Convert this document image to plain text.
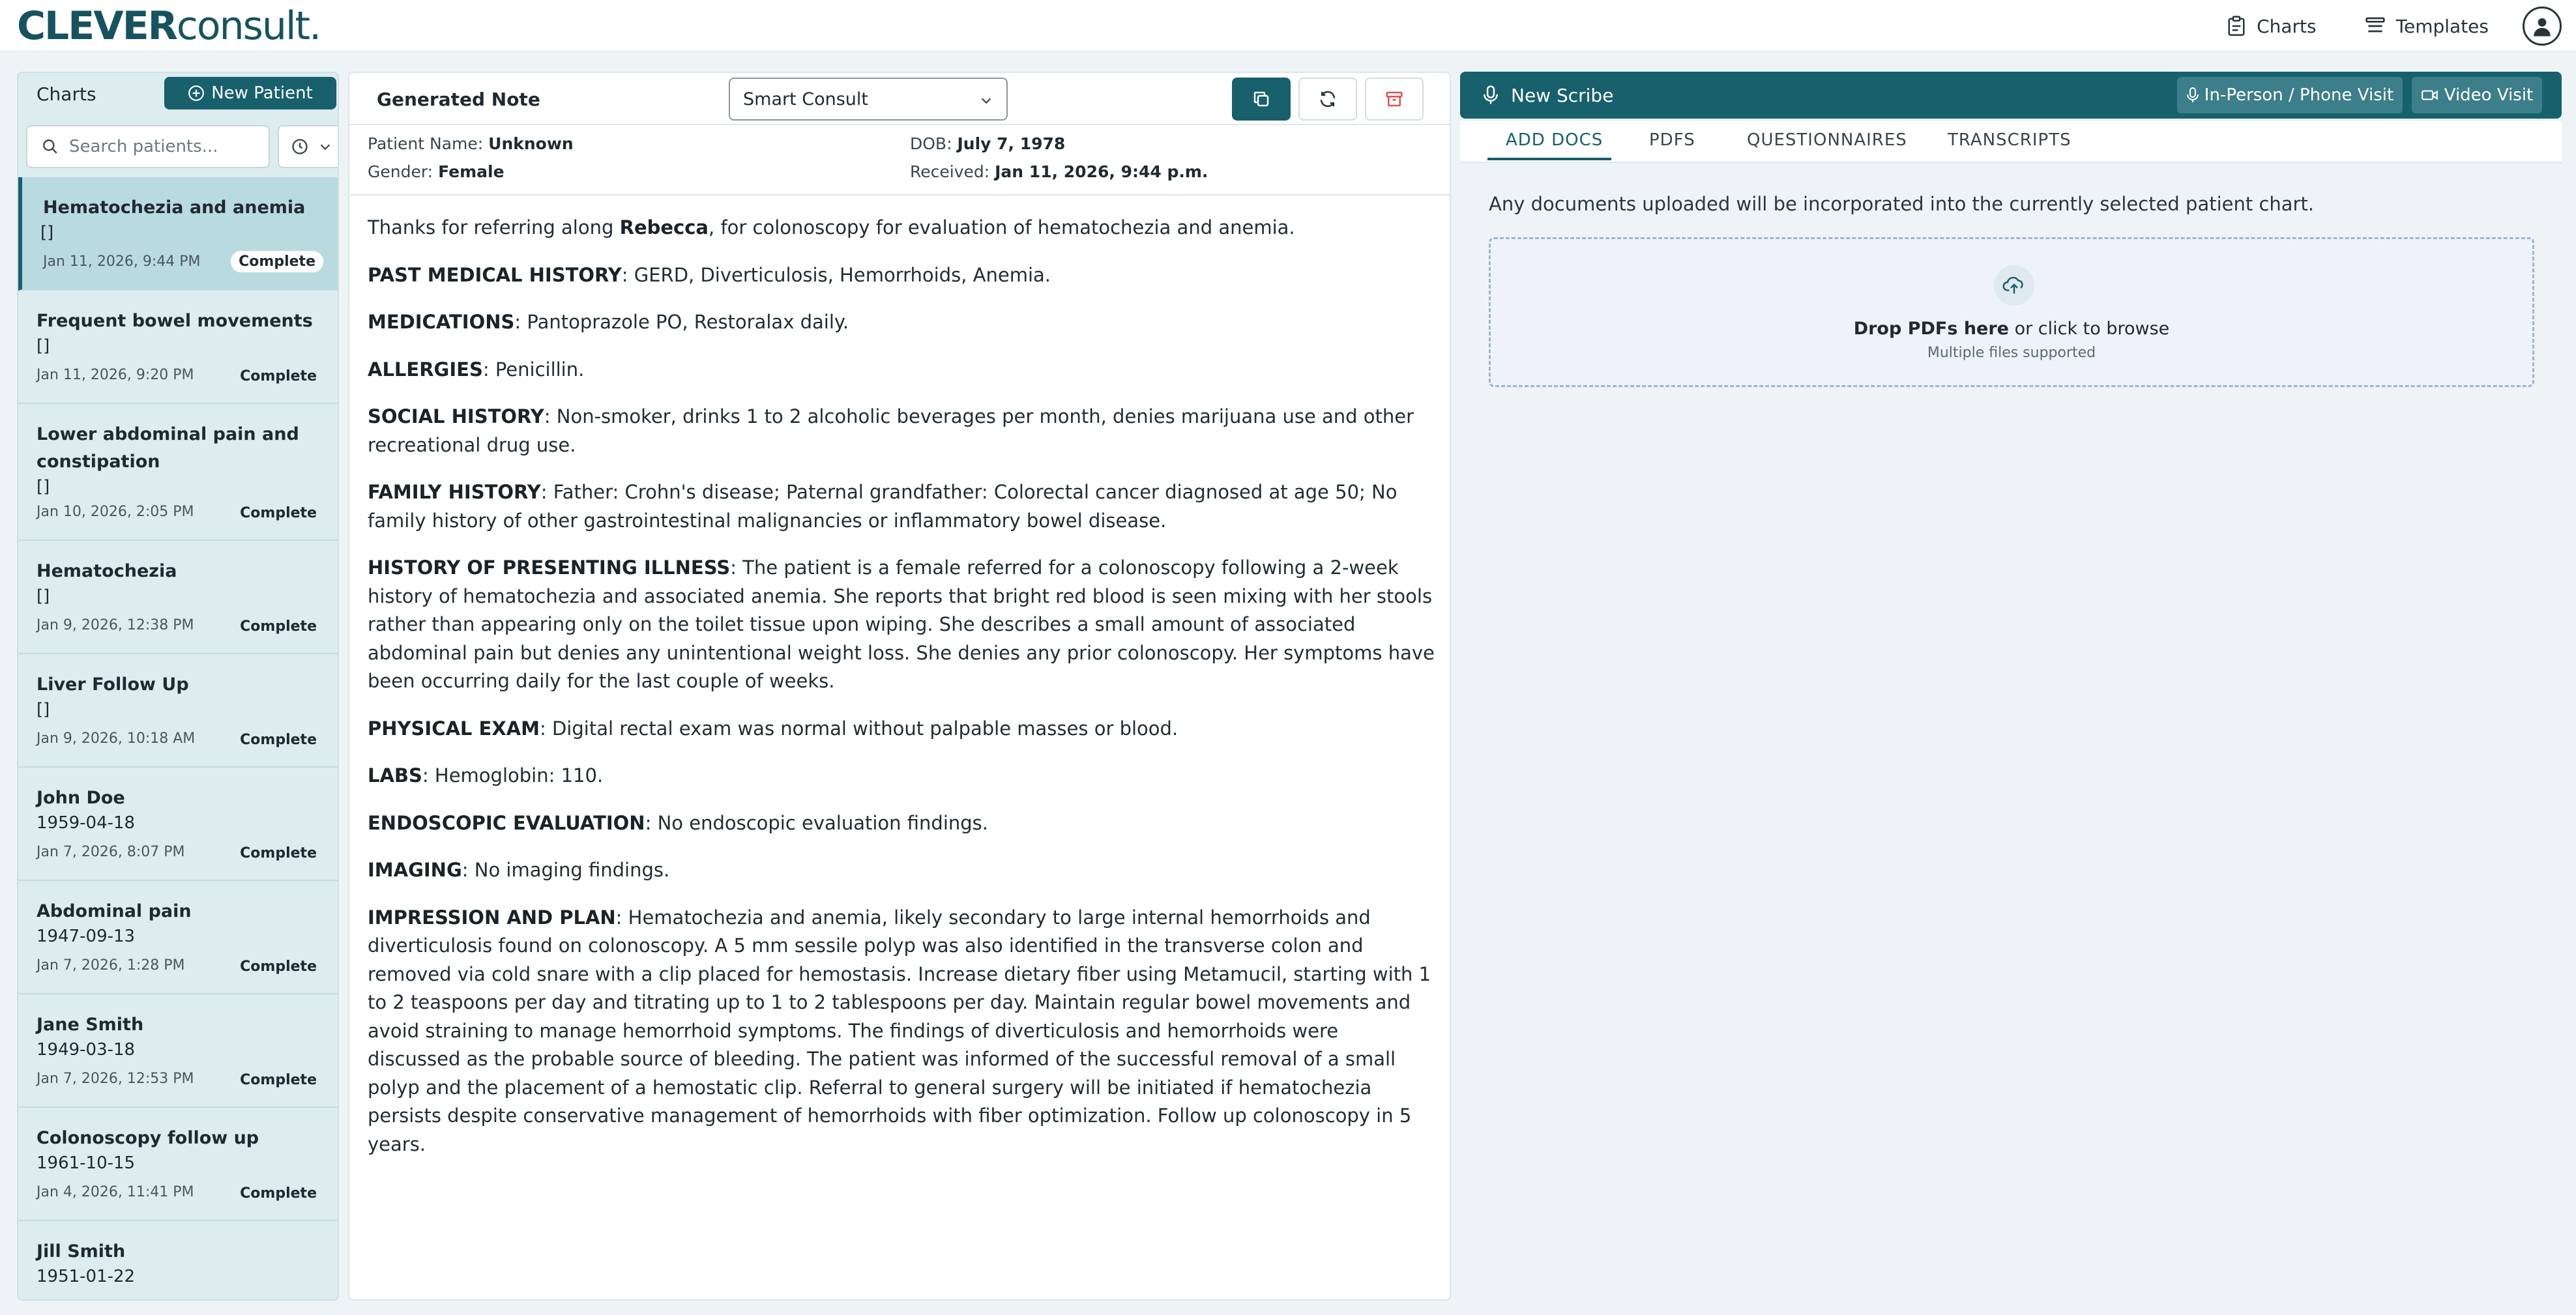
CLEVER consult.	Charts	Templates
Charts	New Patient
Search patients...
Hematochezia and anemia
[]
Jan 11, 2026, 9:44 PM	Complete
Frequent bowel movements
[]
Jan 11, 2026, 9:20 PM	Complete
Lower abdominal pain and constipation
[]
Jan 10, 2026, 2:05 PM	Complete
Hematochezia
[]
Jan 9, 2026, 12:38 PM	Complete
Liver Follow Up
[]
Jan 9, 2026, 10:18 AM	Complete
John Doe
1959-04-18
Jan 7, 2026, 8:07 PM	Complete
Abdominal pain
1947-09-13
Jan 7, 2026, 1:28 PM	Complete
Jane Smith
1949-03-18
Jan 7, 2026, 12:53 PM	Complete
Colonoscopy follow up
1961-10-15
Jan 4, 2026, 11:41 PM	Complete
Jill Smith
1951-01-22
Generated Note	Smart Consult
Patient Name: Unknown
Gender: Female
DOB: July 7, 1978
Received: Jan 11, 2026, 9:44 p.m.

Thanks for referring along Rebecca, for colonoscopy for evaluation of hematochezia and anemia.

PAST MEDICAL HISTORY: GERD, Diverticulosis, Hemorrhoids, Anemia.

MEDICATIONS: Pantoprazole PO, Restoralax daily.

ALLERGIES: Penicillin.

SOCIAL HISTORY: Non-smoker, drinks 1 to 2 alcoholic beverages per month, denies marijuana use and other recreational drug use.

FAMILY HISTORY: Father: Crohn's disease; Paternal grandfather: Colorectal cancer diagnosed at age 50; No family history of other gastrointestinal malignancies or inflammatory bowel disease.

HISTORY OF PRESENTING ILLNESS: The patient is a female referred for a colonoscopy following a 2-week history of hematochezia and associated anemia. She reports that bright red blood is seen mixing with her stools rather than appearing only on the toilet tissue upon wiping. She describes a small amount of associated abdominal pain but denies any unintentional weight loss. She denies any prior colonoscopy. Her symptoms have been occurring daily for the last couple of weeks.

PHYSICAL EXAM: Digital rectal exam was normal without palpable masses or blood.

LABS: Hemoglobin: 110.

ENDOSCOPIC EVALUATION: No endoscopic evaluation findings.

IMAGING: No imaging findings.

IMPRESSION AND PLAN: Hematochezia and anemia, likely secondary to large internal hemorrhoids and diverticulosis found on colonoscopy. A 5 mm sessile polyp was also identified in the transverse colon and removed via cold snare with a clip placed for hemostasis. Increase dietary fiber using Metamucil, starting with 1 to 2 teaspoons per day and titrating up to 1 to 2 tablespoons per day. Maintain regular bowel movements and avoid straining to manage hemorrhoid symptoms. The findings of diverticulosis and hemorrhoids were discussed as the probable source of bleeding. The patient was informed of the successful removal of a small polyp and the placement of a hemostatic clip. Referral to general surgery will be initiated if hematochezia persists despite conservative management of hemorrhoids with fiber optimization. Follow up colonoscopy in 5 years.

New Scribe	In-Person / Phone Visit	Video Visit
ADD DOCS	PDFS	QUESTIONNAIRES TRANSCRIPTS
Any documents uploaded will be incorporated into the currently selected patient chart.
Drop PDFs here or click to browse
Multiple files supported
